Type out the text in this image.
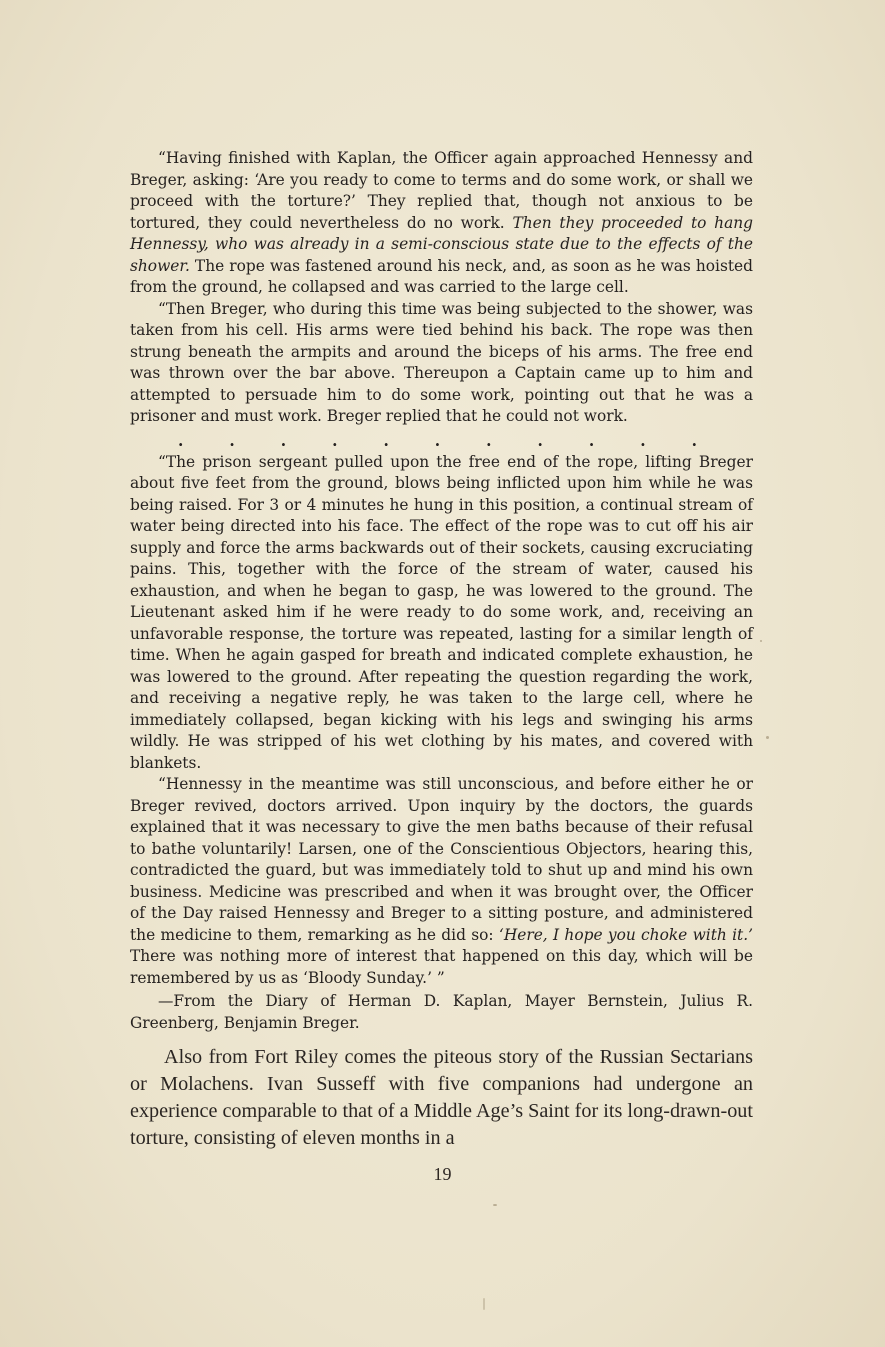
“Having finished with Kaplan, the Officer again approached Hennessy and Breger, asking: ‘Are you ready to come to terms and do some work, or shall we proceed with the torture?’ They replied that, though not anxious to be tortured, they could nevertheless do no work. Then they proceeded to hang Hennessy, who was already in a semi-conscious state due to the effects of the shower. The rope was fastened around his neck, and, as soon as he was hoisted from the ground, he collapsed and was carried to the large cell.

“Then Breger, who during this time was being subjected to the shower, was taken from his cell. His arms were tied behind his back. The rope was then strung beneath the armpits and around the biceps of his arms. The free end was thrown over the bar above. Thereupon a Captain came up to him and attempted to persuade him to do some work, pointing out that he was a prisoner and must work. Breger replied that he could not work.

.	.	.	.	.	.	.	.	.	.	.

“The prison sergeant pulled upon the free end of the rope, lifting Breger about five feet from the ground, blows being inflicted upon him while he was being raised. For 3 or 4 minutes he hung in this position, a continual stream of water being directed into his face. The effect of the rope was to cut off his air supply and force the arms backwards out of their sockets, causing excruciating pains. This, together with the force of the stream of water, caused his exhaustion, and when he began to gasp, he was lowered to the ground. The Lieutenant asked him if he were ready to do some work, and, receiving an unfavorable response, the torture was repeated, lasting for a similar length of time. When he again gasped for breath and indicated complete exhaustion, he was lowered to the ground. After repeating the question regarding the work, and receiving a negative reply, he was taken to the large cell, where he immediately collapsed, began kicking with his legs and swinging his arms wildly. He was stripped of his wet clothing by his mates, and covered with blankets.

“Hennessy in the meantime was still unconscious, and before either he or Breger revived, doctors arrived. Upon inquiry by the doctors, the guards explained that it was necessary to give the men baths because of their refusal to bathe voluntarily! Larsen, one of the Conscientious Objectors, hearing this, contradicted the guard, but was immediately told to shut up and mind his own business. Medicine was prescribed and when it was brought over, the Officer of the Day raised Hennessy and Breger to a sitting posture, and administered the medicine to them, remarking as he did so: ‘Here, I hope you choke with it.’ There was nothing more of interest that happened on this day, which will be remembered by us as ‘Bloody Sunday.’ ”

—From the Diary of Herman D. Kaplan, Mayer Bernstein, Julius R. Greenberg, Benjamin Breger.

Also from Fort Riley comes the piteous story of the Russian Sectarians or Molachens. Ivan Susseff with five companions had undergone an experience comparable to that of a Middle Age’s Saint for its long-drawn-out torture, consisting of eleven months in a

19
